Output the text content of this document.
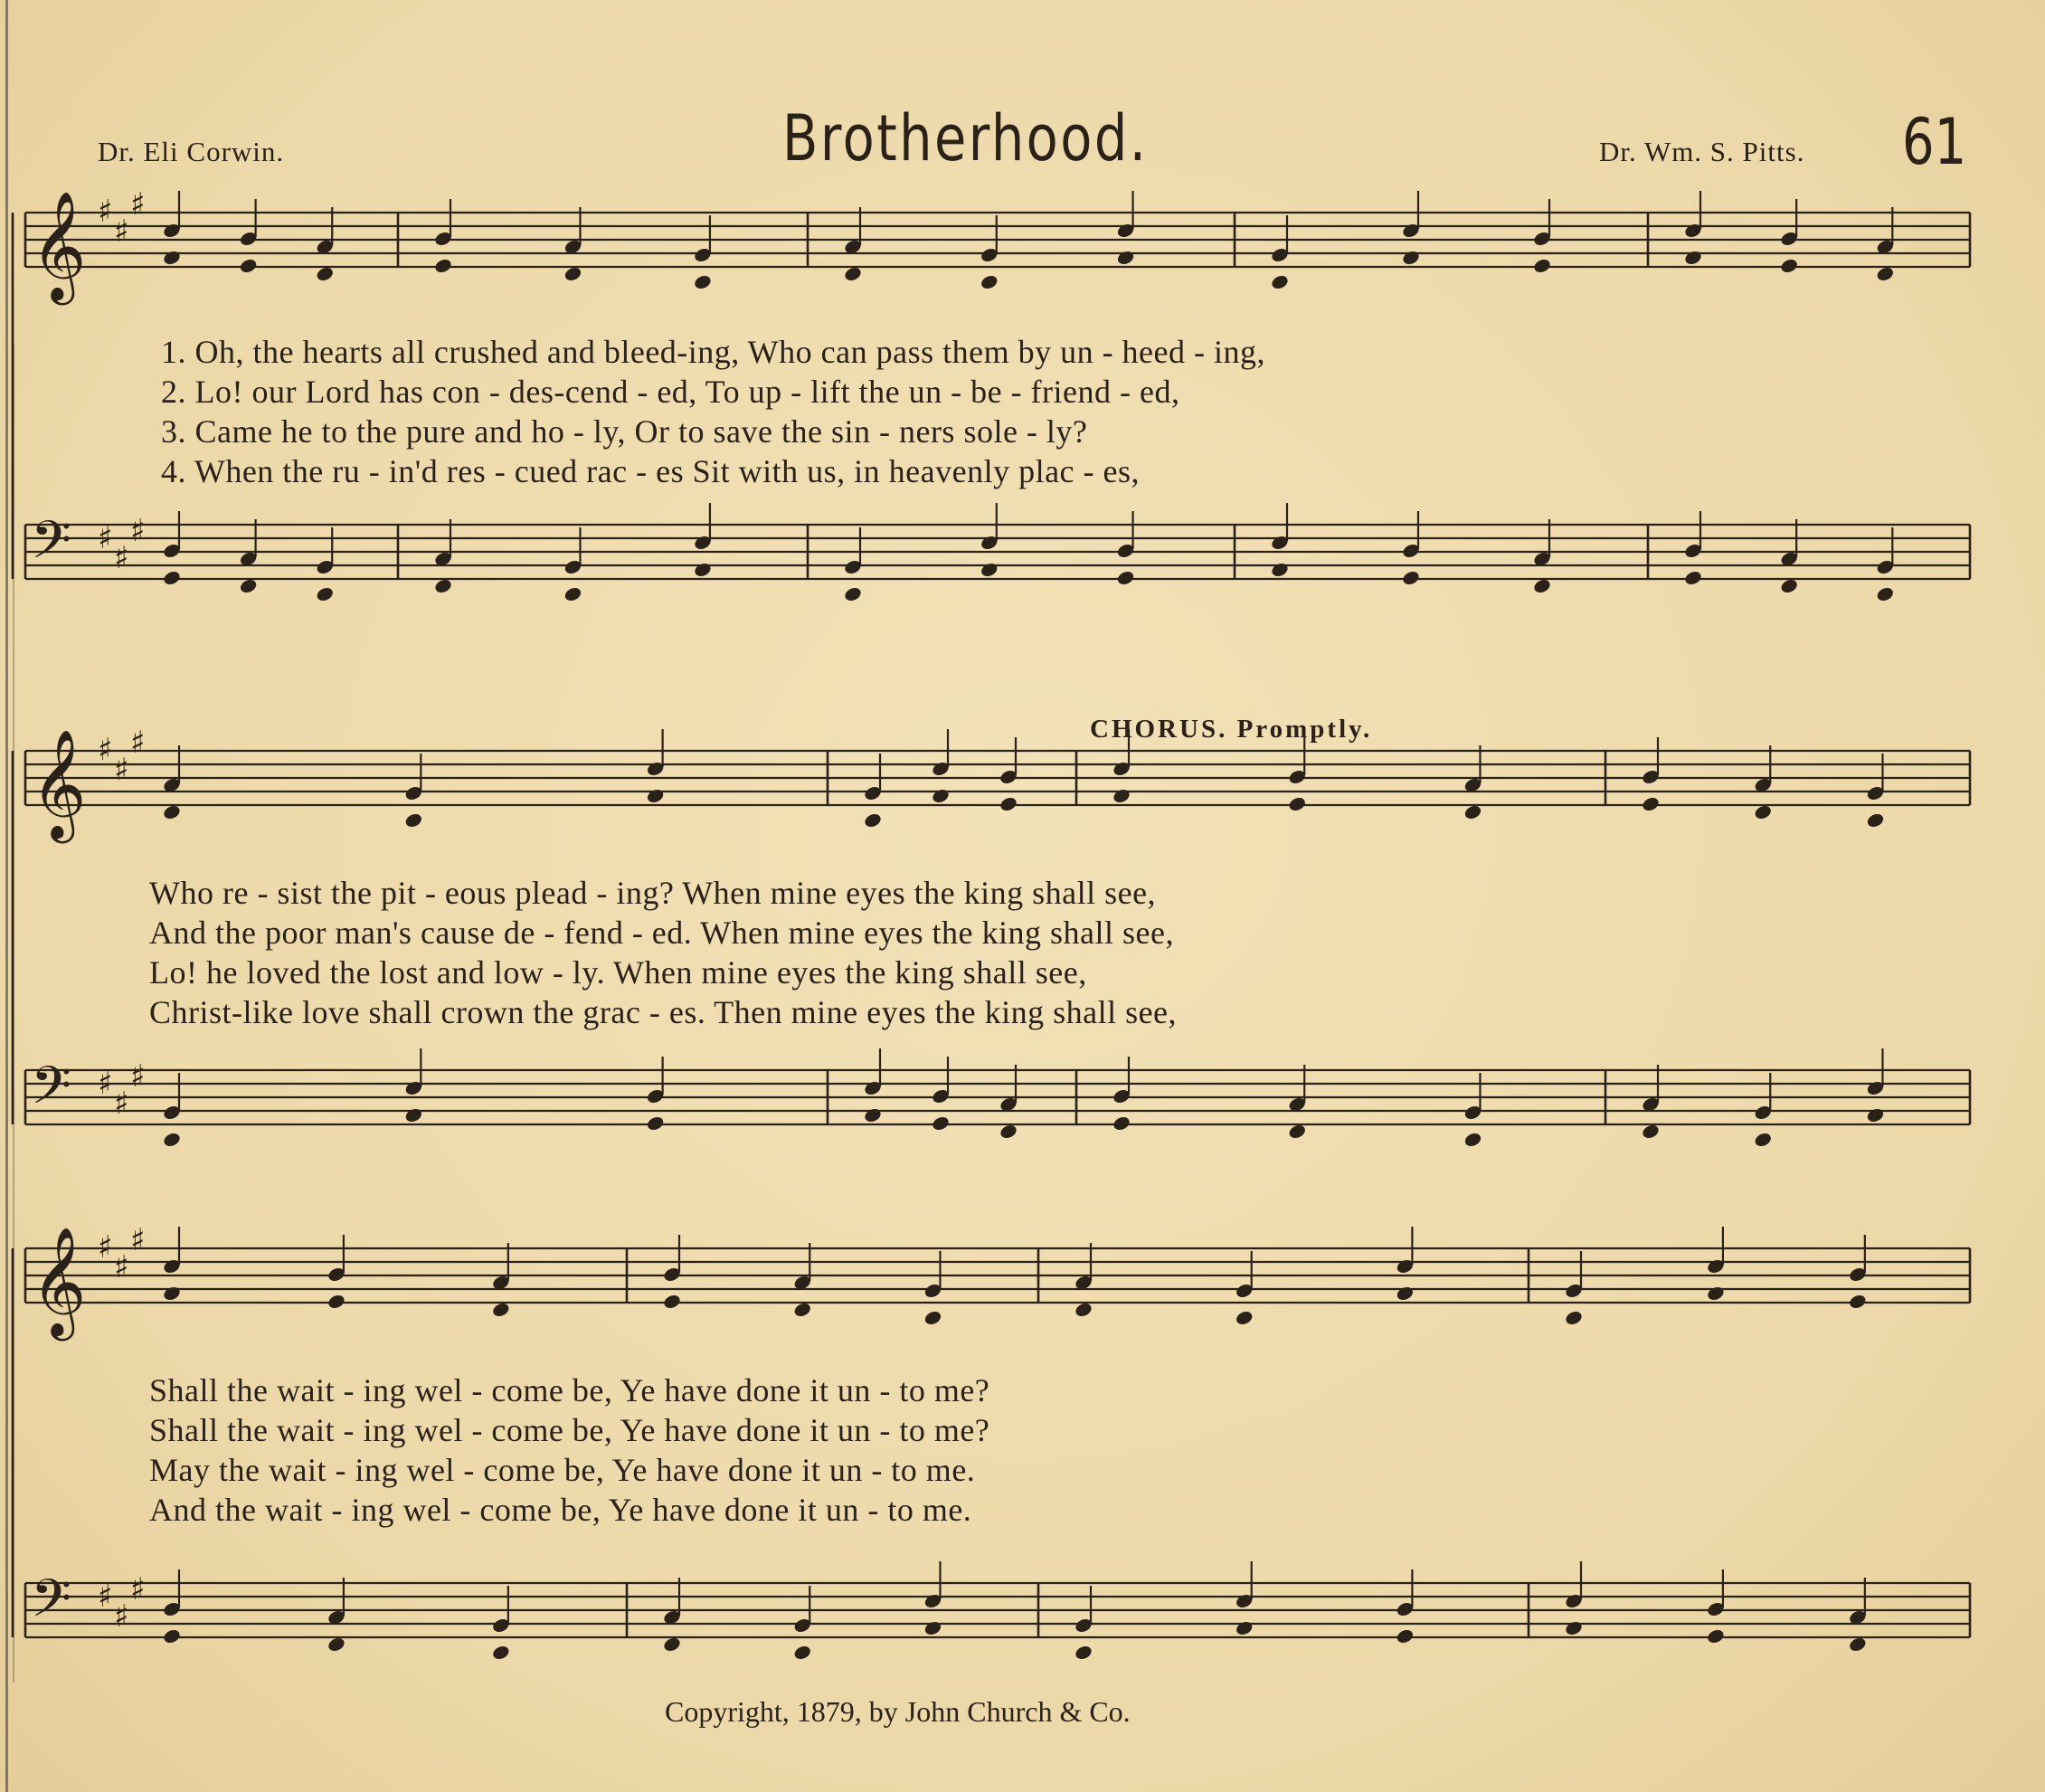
Dr. Eli Corwin.	Brotherhood.	Dr. Wm. S. Pitts. 61
𝄞 ♯
♯
♯
𝄢 ♯
♯
♯
𝄞 ♯
♯
♯
𝄢 ♯
♯
♯
𝄞 ♯
♯
♯
𝄢 ♯
♯
♯
CHORUS. Promptly.
1. Oh, the hearts all crushed and bleed-ing, Who can pass them by un - heed - ing,
2. Lo! our Lord has con - des-cend - ed, To up - lift the un - be - friend - ed,
3. Came he to the pure and ho - ly, Or to save the sin - ners sole - ly?
4. When the ru - in'd res - cued rac - es Sit with us, in heavenly plac - es,
Who re - sist the pit - eous plead - ing? When mine eyes the king shall see,
And the poor man's cause de - fend - ed. When mine eyes the king shall see,
Lo! he loved the lost and low - ly. When mine eyes the king shall see,
Christ-like love shall crown the grac - es. Then mine eyes the king shall see,
Shall the wait - ing wel - come be, Ye have done it un - to me?
Shall the wait - ing wel - come be, Ye have done it un - to me?
May the wait - ing wel - come be, Ye have done it un - to me.
And the wait - ing wel - come be, Ye have done it un - to me.
Copyright, 1879, by John Church & Co.
